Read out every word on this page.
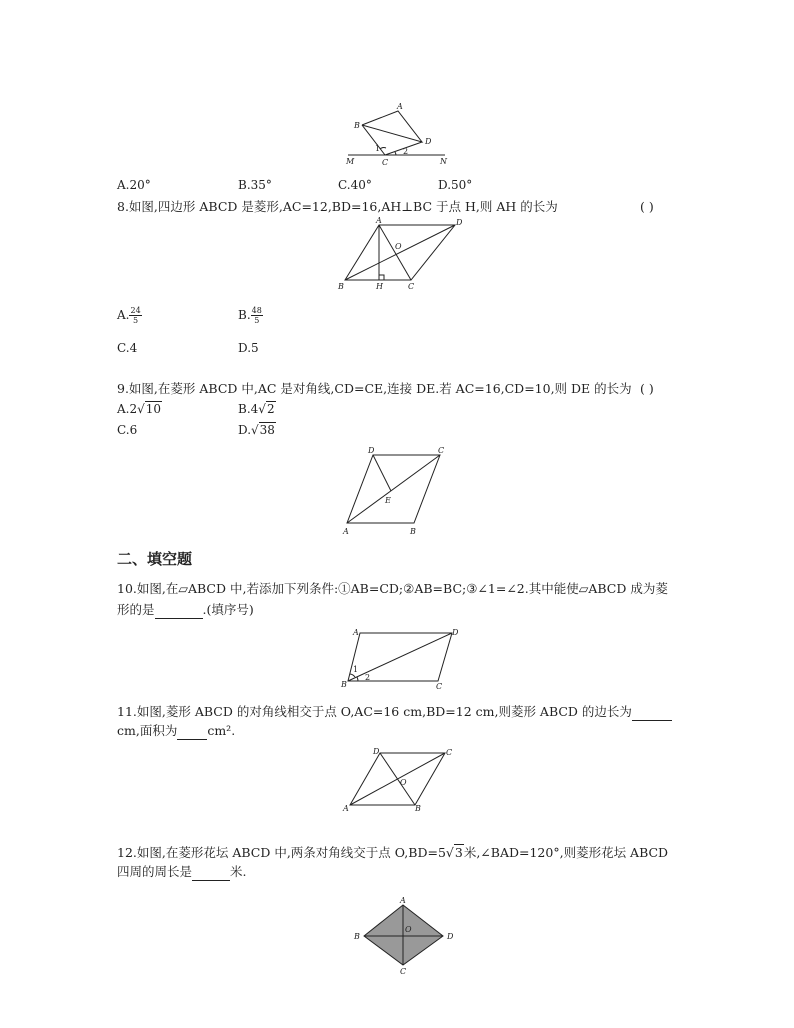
A
B
D
M	C	N
1	2
A.20°	B.35°	C.40°	D.50°
8.如图,四边形 ABCD 是菱形,AC=12,BD=16,AH⊥BC 于点 H,则 AH 的长为	( )
A	D
O
B	H	C
A. $\frac{24}{5}$	B. $\frac{48}{5}$
C.4	D.5
9.如图,在菱形 ABCD 中,AC 是对角线,CD=CE,连接 DE.若 AC=16,CD=10,则 DE 的长为 ( )
A.2√10	B.4√2
C.6	D.√38
D	C
E
A	B
二、填空题
10.如图,在▱ABCD 中,若添加下列条件:①AB=CD;②AB=BC;③∠1=∠2.其中能使▱ABCD 成为菱
形的是	.(填序号)
A	D
B	C
1
2
11.如图,菱形 ABCD 的对角线相交于点 O,AC=16 cm,BD=12 cm,则菱形 ABCD 的边长为
cm,面积为 cm².
D	C
O
A	B
12.如图,在菱形花坛 ABCD 中,两条对角线交于点 O,BD=5√3米,∠BAD=120°,则菱形花坛 ABCD
四周的周长是	米.
A
B
O
D
C
